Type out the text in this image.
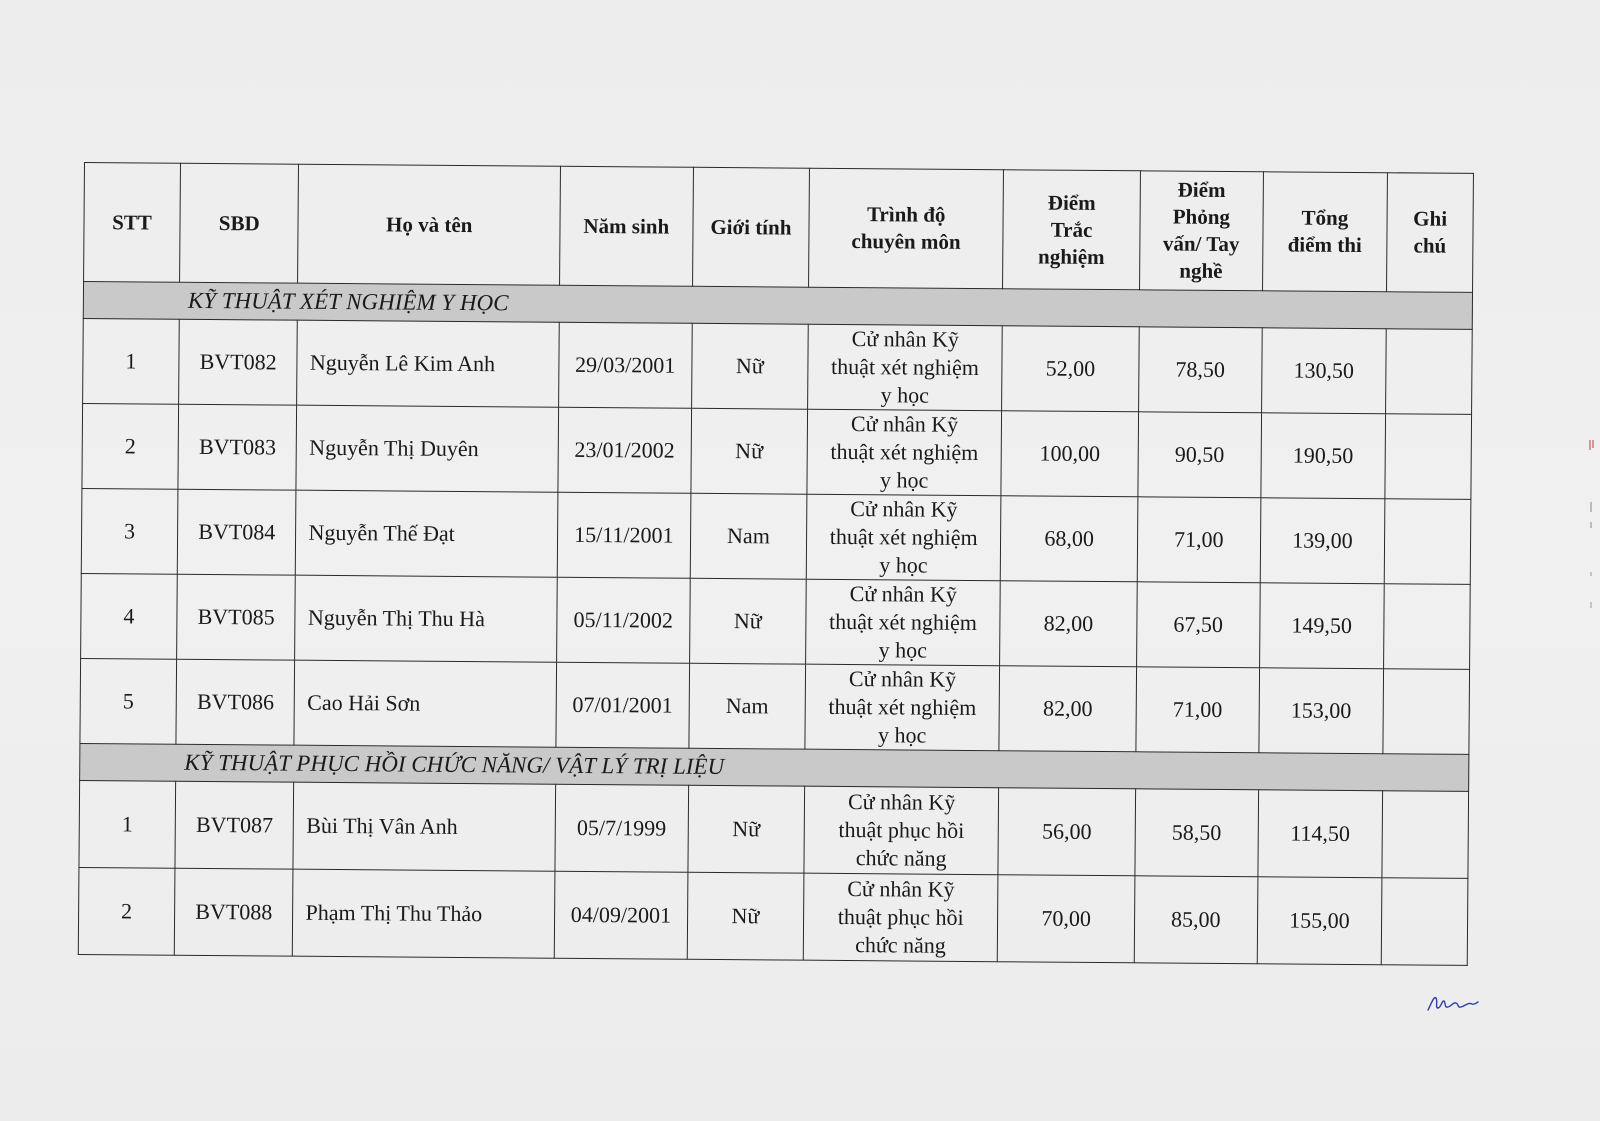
STT	SBD	Họ và tên	Năm sinh	Giới tính	Trình độ
chuyên môn	Điểm
Trắc
nghiệm	Điểm
Phỏng
vấn/ Tay
nghề	Tổng
điểm thi	Ghi
chú
KỸ THUẬT XÉT NGHIỆM Y HỌC									
1	BVT082	Nguyễn Lê Kim Anh	29/03/2001	Nữ	Cử nhân Kỹ
thuật xét nghiệm
y học	52,00	78,50	130,50	
2	BVT083	Nguyễn Thị Duyên	23/01/2002	Nữ	Cử nhân Kỹ
thuật xét nghiệm
y học	100,00	90,50	190,50	
3	BVT084	Nguyễn Thế Đạt	15/11/2001	Nam	Cử nhân Kỹ
thuật xét nghiệm
y học	68,00	71,00	139,00	
4	BVT085	Nguyễn Thị Thu Hà	05/11/2002	Nữ	Cử nhân Kỹ
thuật xét nghiệm
y học	82,00	67,50	149,50	
5	BVT086	Cao Hải Sơn	07/01/2001	Nam	Cử nhân Kỹ
thuật xét nghiệm
y học	82,00	71,00	153,00	
KỸ THUẬT PHỤC HỒI CHỨC NĂNG/ VẬT LÝ TRỊ LIỆU									
1	BVT087	Bùi Thị Vân Anh	05/7/1999	Nữ	Cử nhân Kỹ
thuật phục hồi
chức năng	56,00	58,50	114,50	
2	BVT088	Phạm Thị Thu Thảo	04/09/2001	Nữ	Cử nhân Kỹ
thuật phục hồi
chức năng	70,00	85,00	155,00	
